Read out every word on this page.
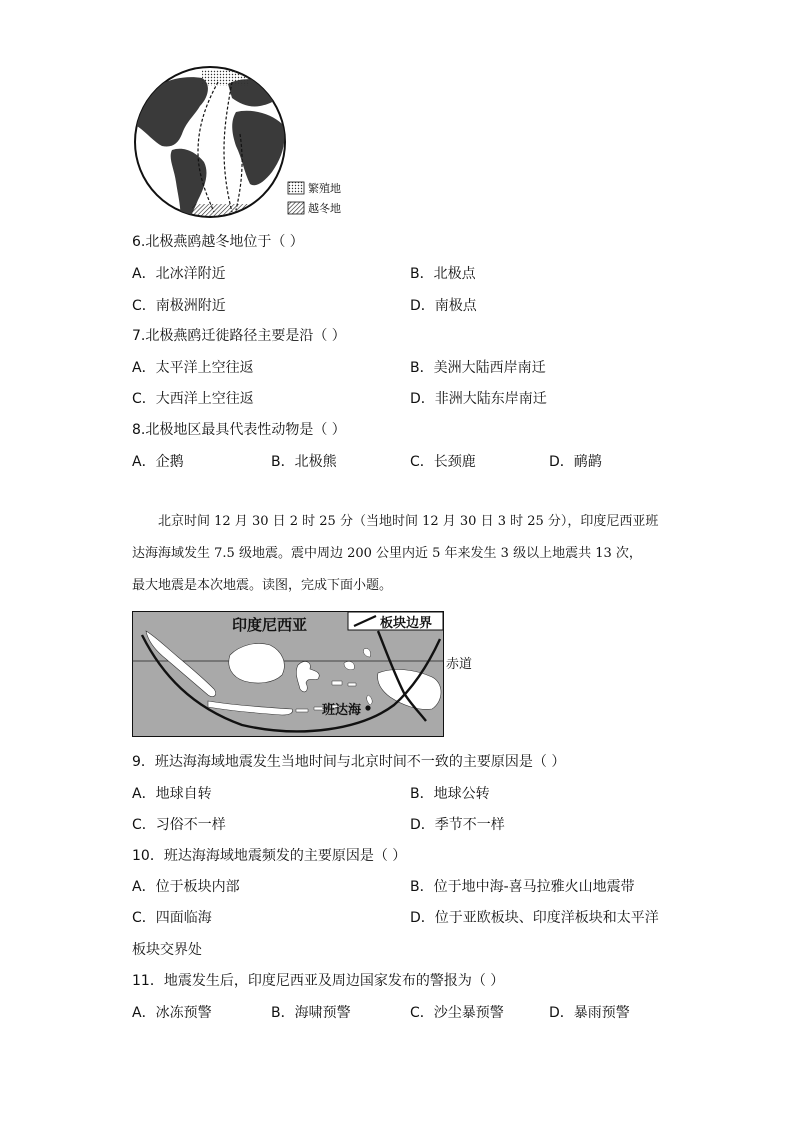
繁殖地
越冬地
6.北极燕鸥越冬地位于（ ）
A．北冰洋附近	B．北极点
C．南极洲附近	D．南极点
7.北极燕鸥迁徙路径主要是沿（ ）
A．太平洋上空往返	B．美洲大陆西岸南迁
C．大西洋上空往返	D．非洲大陆东岸南迁
8.北极地区最具代表性动物是（ ）
A．企鹅	B．北极熊	C．长颈鹿	D．鸸鹋
北京时间 12 月 30 日 2 时 25 分（当地时间 12 月 30 日 3 时 25 分），印度尼西亚班
达海海域发生 7.5 级地震。震中周边 200 公里内近 5 年来发生 3 级以上地震共 13 次，
最大地震是本次地震。读图，完成下面小题。
印度尼西亚	板块边界
赤道
班达海
9．班达海海域地震发生当地时间与北京时间不一致的主要原因是（ ）
A．地球自转	B．地球公转
C．习俗不一样	D．季节不一样
10．班达海海域地震频发的主要原因是（ ）
A．位于板块内部	B．位于地中海-喜马拉雅火山地震带
C．四面临海	D．位于亚欧板块、印度洋板块和太平洋
板块交界处
11．地震发生后，印度尼西亚及周边国家发布的警报为（ ）
A．冰冻预警	B．海啸预警	C．沙尘暴预警	D．暴雨预警
